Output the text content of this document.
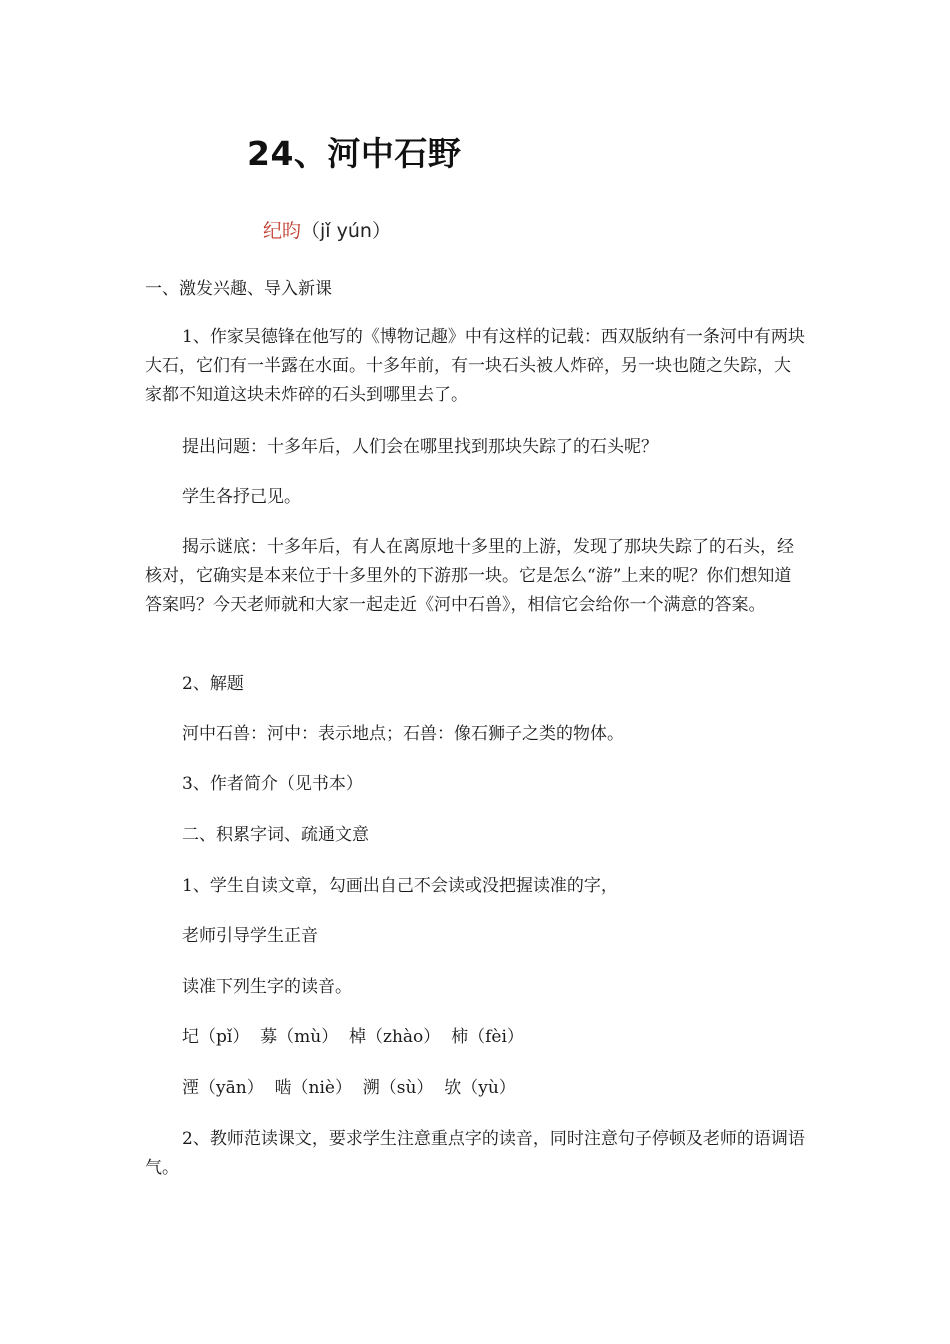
24、河中石野
纪昀（jǐ yún）

一、激发兴趣、导入新课

1、作家吴德锋在他写的《博物记趣》中有这样的记载：西双版纳有一条河中有两块大石，它们有一半露在水面。十多年前，有一块石头被人炸碎，另一块也随之失踪，大家都不知道这块未炸碎的石头到哪里去了。

提出问题：十多年后，人们会在哪里找到那块失踪了的石头呢？

学生各抒己见。

揭示谜底：十多年后，有人在离原地十多里的上游，发现了那块失踪了的石头，经核对，它确实是本来位于十多里外的下游那一块。它是怎么“游”上来的呢？你们想知道答案吗？今天老师就和大家一起走近《河中石兽》，相信它会给你一个满意的答案。

2、解题

河中石兽：河中：表示地点；石兽：像石狮子之类的物体。

3、作者简介（见书本）

二、积累字词、疏通文意

1、学生自读文章，勾画出自己不会读或没把握读准的字，

老师引导学生正音

读准下列生字的读音。

圮（pǐ）  募（mù）  棹（zhào）  柿（fèi）

湮（yān）  啮（niè）  溯（sù）  欤（yù）

2、教师范读课文，要求学生注意重点字的读音，同时注意句子停顿及老师的语调语气。
